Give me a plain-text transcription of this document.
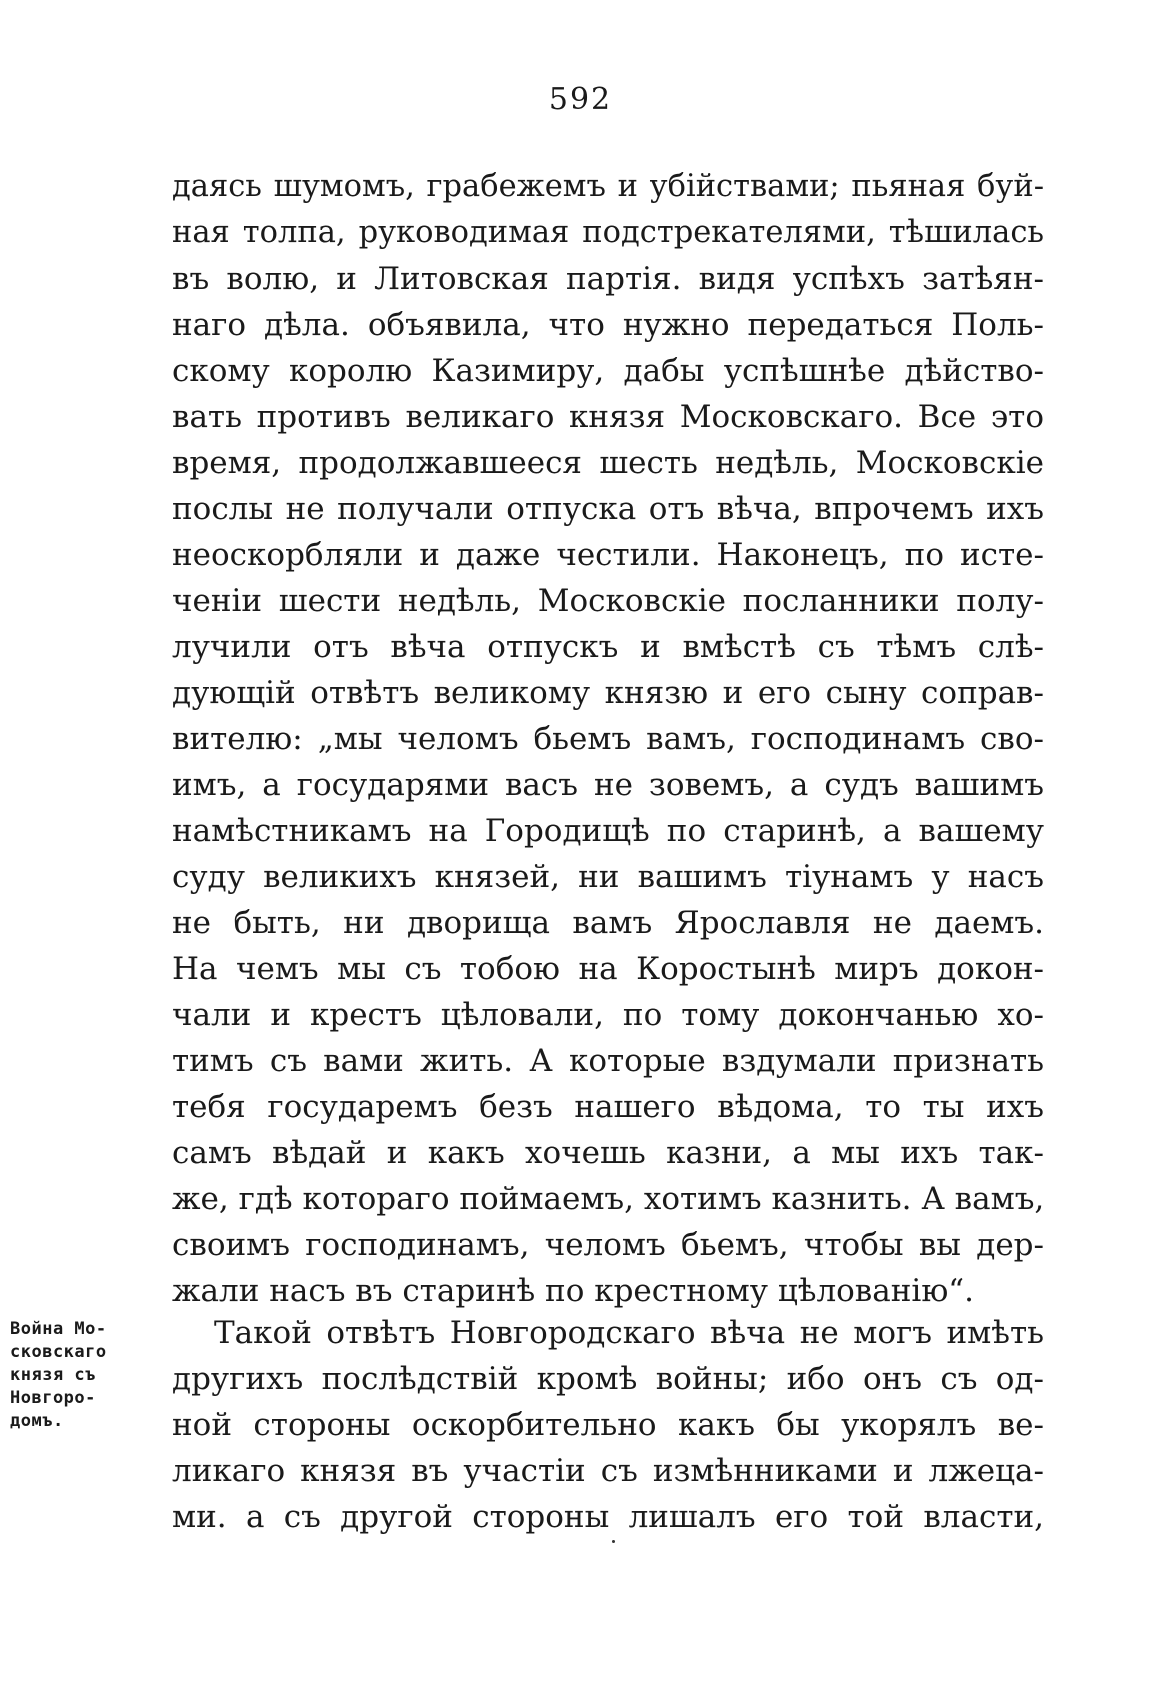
592
даясь шумомъ, грабежемъ и убійствами; пьяная буй-
ная толпа, руководимая подстрекателями, тѣшилась
въ волю, и Литовская партія. видя успѣхъ затѣян-
наго дѣла. объявила, что нужно передаться Поль-
скому королю Казимиру, дабы успѣшнѣе дѣйство-
вать противъ великаго князя Московскаго. Все это
время, продолжавшееся шесть недѣль, Московскіе
послы не получали отпуска отъ вѣча, впрочемъ ихъ
неоскорбляли и даже честили. Наконецъ, по исте-
ченіи шести недѣль, Московскіе посланники полу-
лучили отъ вѣча отпускъ и вмѣстѣ съ тѣмъ слѣ-
дующій отвѣтъ великому князю и его сыну соправ-
вителю: „мы челомъ бьемъ вамъ, господинамъ сво-
имъ, а государями васъ не зовемъ, а судъ вашимъ
намѣстникамъ на Городищѣ по старинѣ, а вашему
суду великихъ князей, ни вашимъ тіунамъ у насъ
не быть, ни дворища вамъ Ярославля не даемъ.
На чемъ мы съ тобою на Коростынѣ миръ докон-
чали и крестъ цѣловали, по тому докончанью хо-
тимъ съ вами жить. А которые вздумали признать
тебя государемъ безъ нашего вѣдома, то ты ихъ
самъ вѣдай и какъ хочешь казни, а мы ихъ так-
же, гдѣ котораго поймаемъ, хотимъ казнить. А вамъ,
своимъ господинамъ, челомъ бьемъ, чтобы вы дер-
жали насъ въ старинѣ по крестному цѣлованію“.
Война Мо-
сковскаго
князя съ
Новгоро-
домъ.
Такой отвѣтъ Новгородскаго вѣча не могъ имѣть
другихъ послѣдствій кромѣ войны; ибо онъ съ од-
ной стороны оскорбительно какъ бы укорялъ ве-
ликаго князя въ участіи съ измѣнниками и лжеца-
ми. а съ другой стороны лишалъ его той власти,
